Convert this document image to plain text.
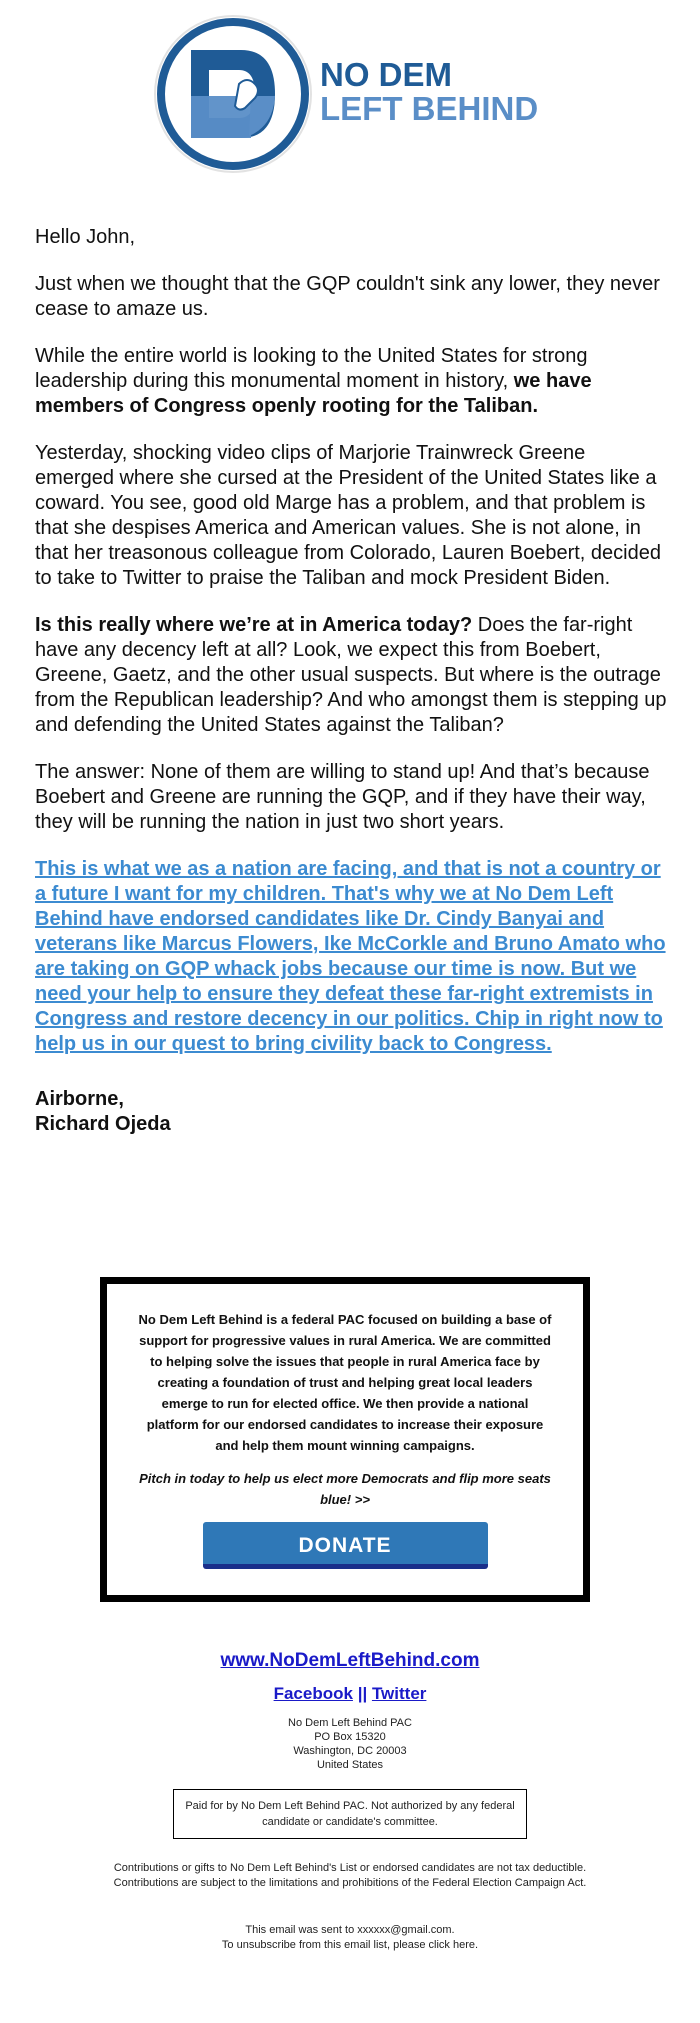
NO DEM
LEFT BEHIND

Hello John,

Just when we thought that the GQP couldn't sink any lower, they never cease to amaze us.

While the entire world is looking to the United States for strong leadership during this monumental moment in history, we have members of Congress openly rooting for the Taliban.

Yesterday, shocking video clips of Marjorie Trainwreck Greene emerged where she cursed at the President of the United States like a coward. You see, good old Marge has a problem, and that problem is that she despises America and American values. She is not alone, in that her treasonous colleague from Colorado, Lauren Boebert, decided to take to Twitter to praise the Taliban and mock President Biden.

Is this really where we’re at in America today? Does the far-right have any decency left at all? Look, we expect this from Boebert, Greene, Gaetz, and the other usual suspects. But where is the outrage from the Republican leadership? And who amongst them is stepping up and defending the United States against the Taliban?

The answer: None of them are willing to stand up! And that’s because Boebert and Greene are running the GQP, and if they have their way, they will be running the nation in just two short years.

This is what we as a nation are facing, and that is not a country or a future I want for my children. That's why we at No Dem Left Behind have endorsed candidates like Dr. Cindy Banyai and veterans like Marcus Flowers, Ike McCorkle and Bruno Amato who are taking on GQP whack jobs because our time is now. But we need your help to ensure they defeat these far-right extremists in Congress and restore decency in our politics. Chip in right now to help us in our quest to bring civility back to Congress.

Airborne,
Richard Ojeda

No Dem Left Behind is a federal PAC focused on building a base of support for progressive values in rural America. We are committed to helping solve the issues that people in rural America face by creating a foundation of trust and helping great local leaders emerge to run for elected office. We then provide a national platform for our endorsed candidates to increase their exposure and help them mount winning campaigns.

Pitch in today to help us elect more Democrats and flip more seats blue! >>

DONATE
www.NoDemLeftBehind.com
Facebook || Twitter
No Dem Left Behind PAC
PO Box 15320
Washington, DC 20003
United States
Paid for by No Dem Left Behind PAC. Not authorized by any federal candidate or candidate's committee.
Contributions or gifts to No Dem Left Behind's List or endorsed candidates are not tax deductible.
Contributions are subject to the limitations and prohibitions of the Federal Election Campaign Act.
This email was sent to xxxxxx@gmail.com.
To unsubscribe from this email list, please click here.
